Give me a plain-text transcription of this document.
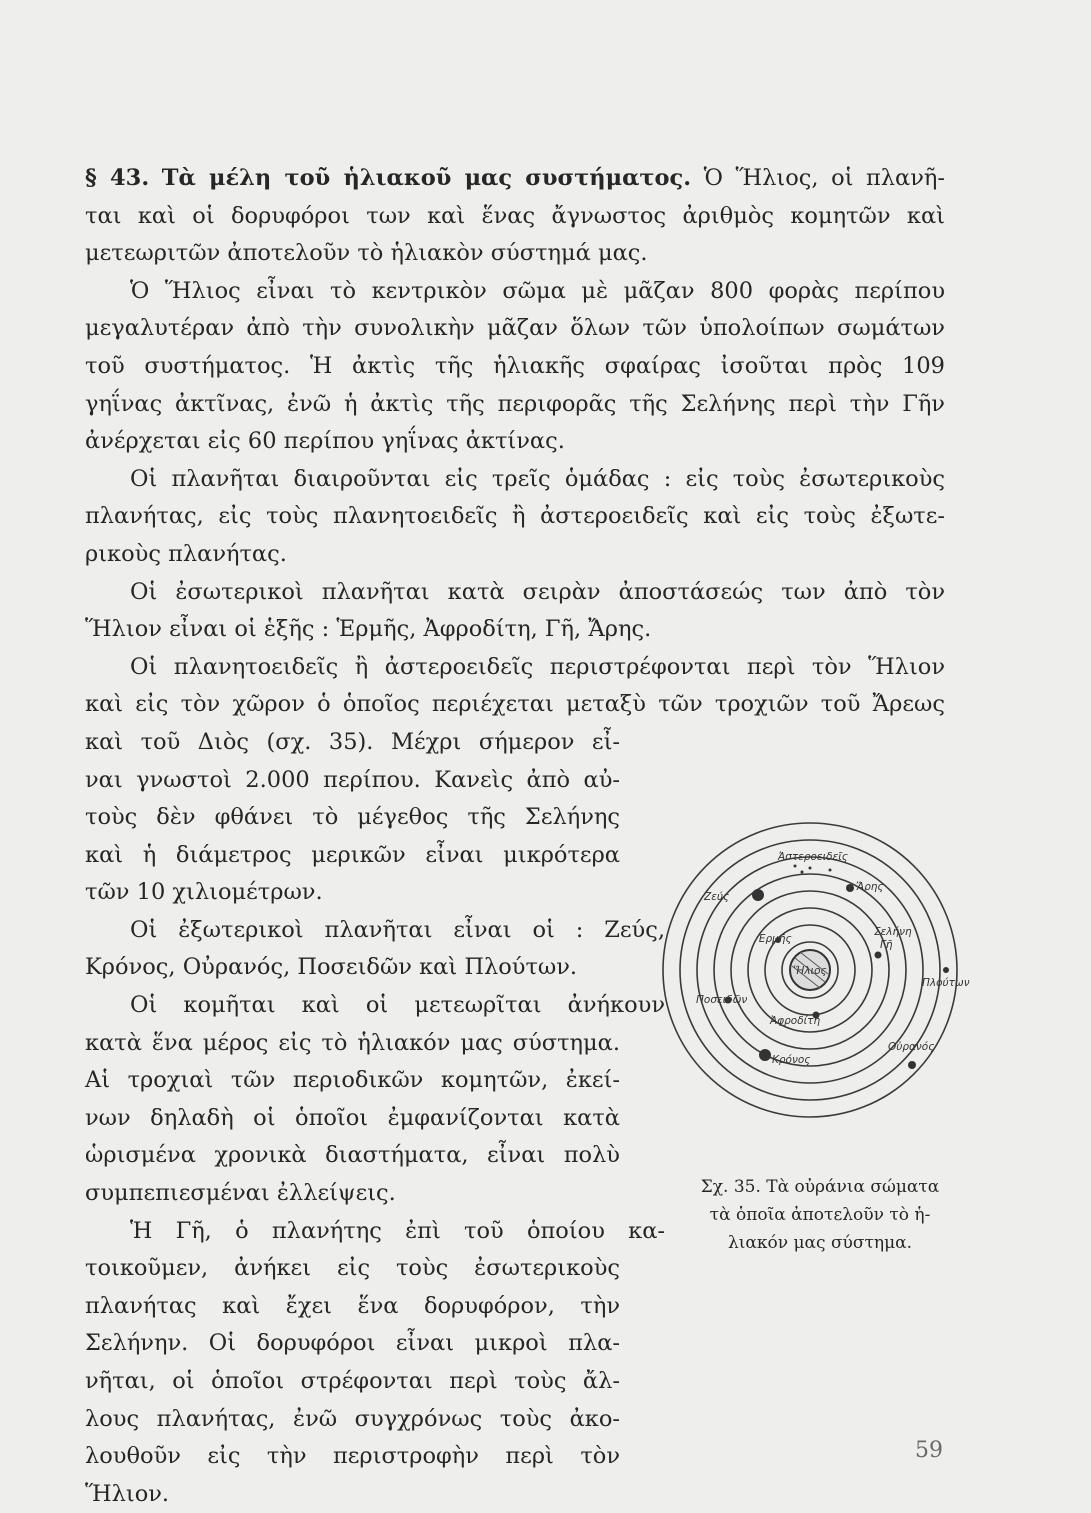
§ 43. Τὰ μέλη τοῦ ἡλιακοῦ μας συστήματος. Ὁ Ἥλιος, οἱ πλανῆ-
ται καὶ οἱ δορυφόροι των καὶ ἕνας ἄγνωστος ἀριθμὸς κομητῶν καὶ
μετεωριτῶν ἀποτελοῦν τὸ ἡλιακὸν σύστημά μας.
Ὁ Ἥλιος εἶναι τὸ κεντρικὸν σῶμα μὲ μᾶζαν 800 φορὰς περίπου
μεγαλυτέραν ἀπὸ τὴν συνολικὴν μᾶζαν ὅλων τῶν ὑπολοίπων σωμάτων
τοῦ συστήματος. Ἡ ἀκτὶς τῆς ἡλιακῆς σφαίρας ἰσοῦται πρὸς 109
γηΐνας ἀκτῖνας, ἐνῶ ἡ ἀκτὶς τῆς περιφορᾶς τῆς Σελήνης περὶ τὴν Γῆν
ἀνέρχεται εἰς 60 περίπου γηΐνας ἀκτίνας.
Οἱ πλανῆται διαιροῦνται εἰς τρεῖς ὁμάδας : εἰς τοὺς ἐσωτερικοὺς
πλανήτας, εἰς τοὺς πλανητοειδεῖς ἢ ἀστεροειδεῖς καὶ εἰς τοὺς ἐξωτε-
ρικοὺς πλανήτας.
Οἱ ἐσωτερικοὶ πλανῆται κατὰ σειρὰν ἀποστάσεώς των ἀπὸ τὸν
Ἥλιον εἶναι οἱ ἑξῆς : Ἑρμῆς, Ἀφροδίτη, Γῆ, Ἄρης.
Οἱ πλανητοειδεῖς ἢ ἀστεροειδεῖς περιστρέφονται περὶ τὸν Ἥλιον
καὶ εἰς τὸν χῶρον ὁ ὁποῖος περιέχεται μεταξὺ τῶν τροχιῶν τοῦ Ἄρεως
καὶ τοῦ Διὸς (σχ. 35). Μέχρι σήμερον εἶ-
ναι γνωστοὶ 2.000 περίπου. Κανεὶς ἀπὸ αὐ-
τοὺς δὲν φθάνει τὸ μέγεθος τῆς Σελήνης
καὶ ἡ διάμετρος μερικῶν εἶναι μικρότερα
τῶν 10 χιλιομέτρων.
Οἱ ἐξωτερικοὶ πλανῆται εἶναι οἱ : Ζεύς,
Κρόνος, Οὐρανός, Ποσειδῶν καὶ Πλούτων.
Οἱ κομῆται καὶ οἱ μετεωρῖται ἀνήκουν
κατὰ ἕνα μέρος εἰς τὸ ἡλιακόν μας σύστημα.
Αἱ τροχιαὶ τῶν περιοδικῶν κομητῶν, ἐκεί-
νων δηλαδὴ οἱ ὁποῖοι ἐμφανίζονται κατὰ
ὡρισμένα χρονικὰ διαστήματα, εἶναι πολὺ
συμπεπιεσμέναι ἐλλείψεις.
Ἡ Γῆ, ὁ πλανήτης ἐπὶ τοῦ ὁποίου κα-
τοικοῦμεν, ἀνήκει εἰς τοὺς ἐσωτερικοὺς
πλανήτας καὶ ἔχει ἕνα δορυφόρον, τὴν
Σελήνην. Οἱ δορυφόροι εἶναι μικροὶ πλα-
νῆται, οἱ ὁποῖοι στρέφονται περὶ τοὺς ἄλ-
λους πλανήτας, ἐνῶ συγχρόνως τοὺς ἀκο-
λουθοῦν εἰς τὴν περιστροφὴν περὶ τὸν
Ἥλιον.
Ἥλιος
Ἑρμῆς
Ἀφροδίτη
Σελήνη
Γῆ
Ἄρης
Ἀστεροειδεῖς
Ζεύς
Κρόνος
Οὐρανός
Ποσειδῶν
Πλούτων
Σχ. 35. Τὰ οὐράνια σώματα
τὰ ὁποῖα ἀποτελοῦν τὸ ἡ-
λιακόν μας σύστημα.
59
